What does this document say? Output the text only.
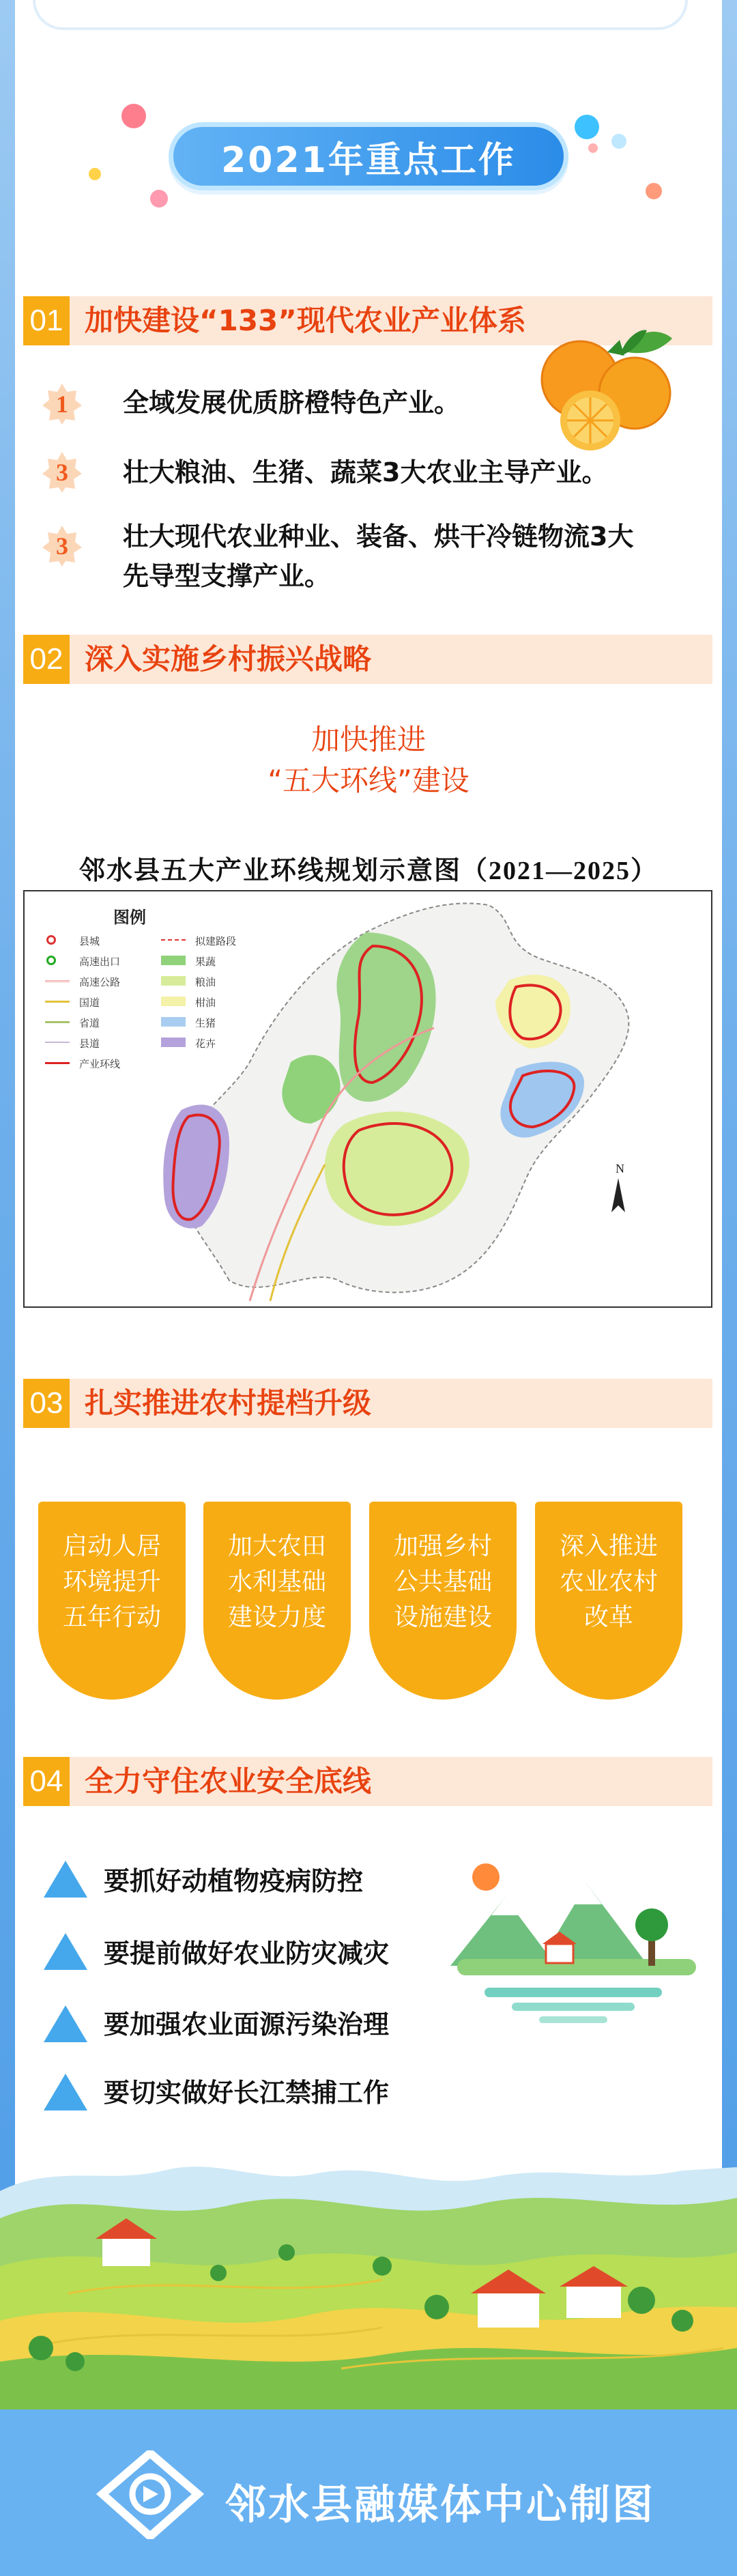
2021年重点工作
01 加快建设“133”现代农业产业体系
1 全域发展优质脐橙特色产业。
3 壮大粮油、生猪、蔬菜3大农业主导产业。
3 壮大现代农业种业、装备、烘干冷链物流3大
先导型支撑产业。
02 深入实施乡村振兴战略
加快推进
“五大环线”建设
邻水县五大产业环线规划示意图（2021—2025）
图例
县城	拟建路段
高速出口	果蔬
高速公路	粮油
国道	柑油
省道	生猪
县道	花卉
产业环线
N
03 扎实推进农村提档升级
启动人居
环境提升
五年行动
加大农田
水利基础
建设力度
加强乡村
公共基础
设施建设
深入推进
农业农村
改革
04 全力守住农业安全底线
要抓好动植物疫病防控
要提前做好农业防灾减灾
要加强农业面源污染治理
要切实做好长江禁捕工作
邻水县融媒体中心制图
